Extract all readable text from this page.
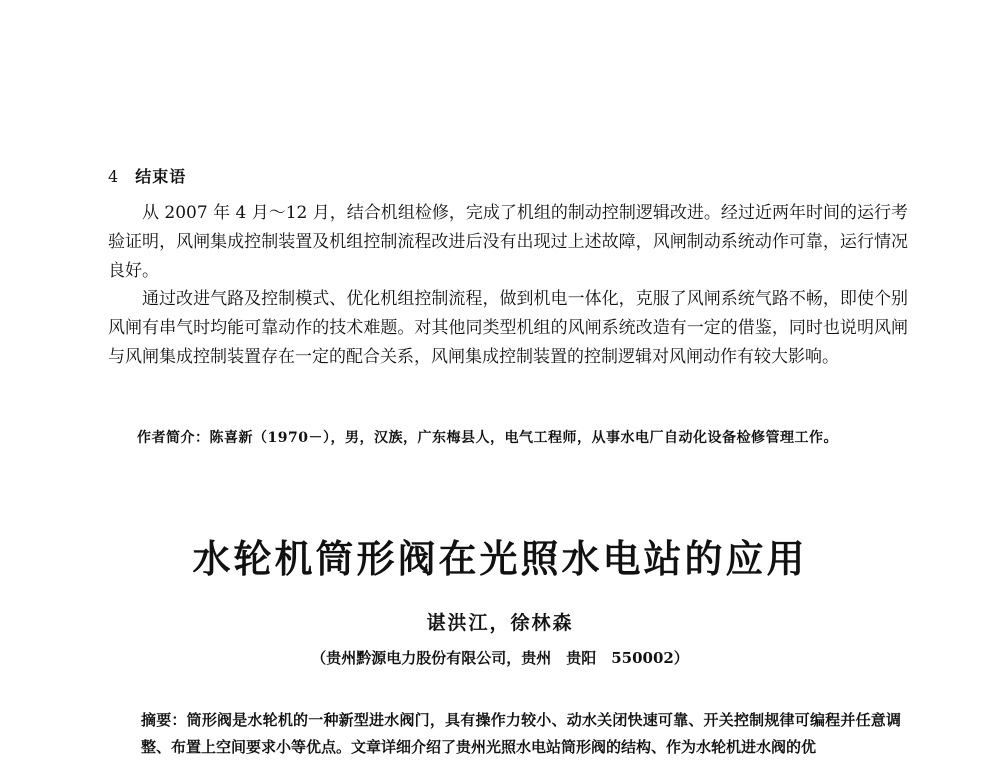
4 结束语

从 2007 年 4 月～12 月，结合机组检修，完成了机组的制动控制逻辑改进。经过近两年时间的运行考验证明，风闸集成控制装置及机组控制流程改进后没有出现过上述故障，风闸制动系统动作可靠，运行情况良好。

通过改进气路及控制模式、优化机组控制流程，做到机电一体化，克服了风闸系统气路不畅，即使个别风闸有串气时均能可靠动作的技术难题。对其他同类型机组的风闸系统改造有一定的借鉴，同时也说明风闸与风闸集成控制装置存在一定的配合关系，风闸集成控制装置的控制逻辑对风闸动作有较大影响。

作者简介：陈喜新（1970－），男，汉族，广东梅县人，电气工程师，从事水电厂自动化设备检修管理工作。
水轮机筒形阀在光照水电站的应用
谌洪江，徐林森
（贵州黔源电力股份有限公司，贵州　贵阳　550002）

摘要：筒形阀是水轮机的一种新型进水阀门，具有操作力较小、动水关闭快速可靠、开关控制规律可编程并任意调 整、布置上空间要求小等优点。文章详细介绍了贵州光照水电站筒形阀的结构、作为水轮机进水阀的优
